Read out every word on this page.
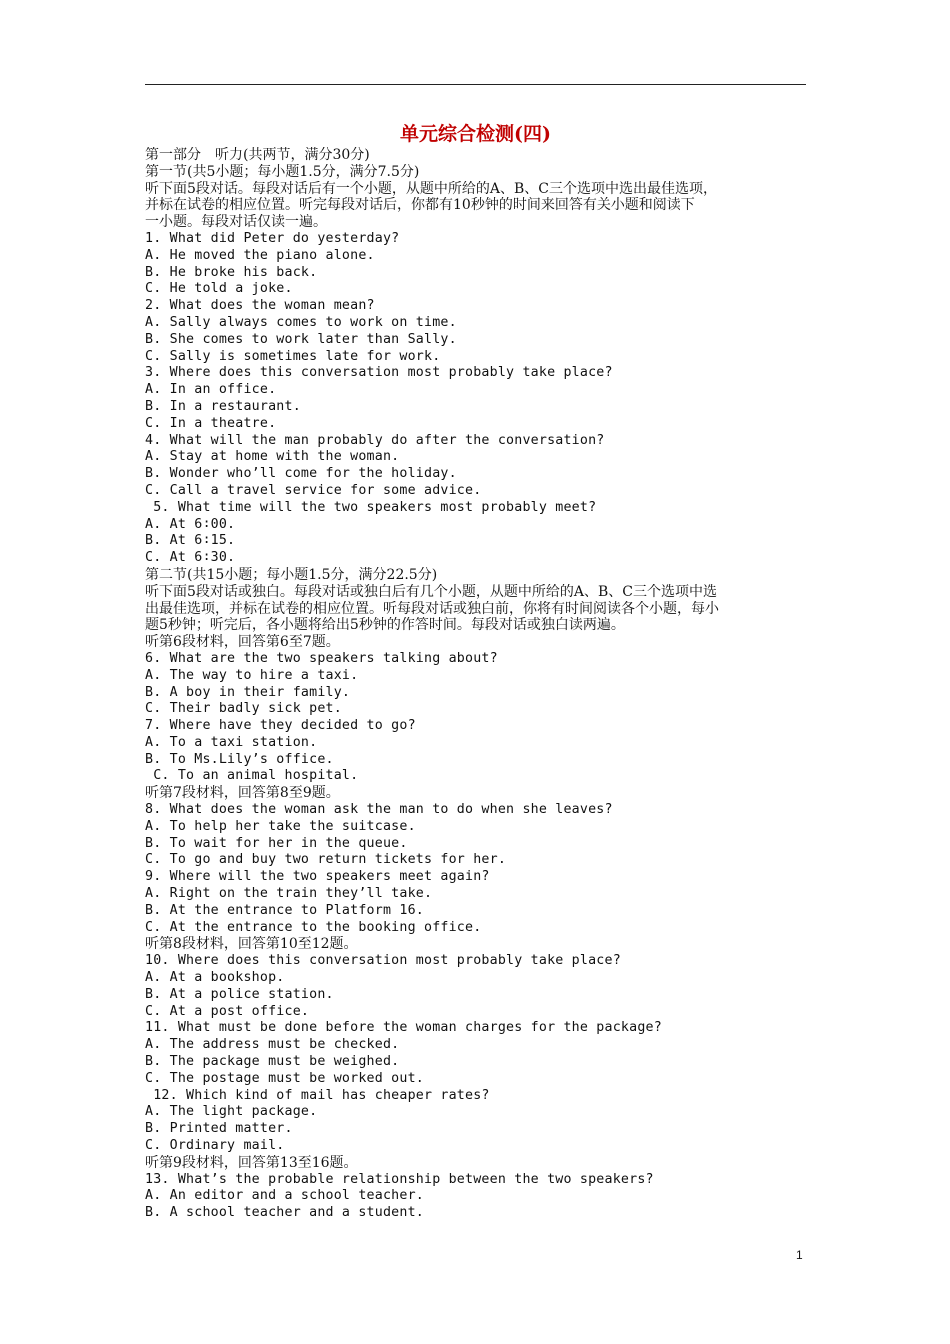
单元综合检测(四)
第一部分　听力(共两节，满分30分)
第一节(共5小题；每小题1.5分，满分7.5分)
听下面5段对话。每段对话后有一个小题，从题中所给的A、B、C三个选项中选出最佳选项，
并标在试卷的相应位置。听完每段对话后，你都有10秒钟的时间来回答有关小题和阅读下
一小题。每段对话仅读一遍。
1. What did Peter do yesterday?
A. He moved the piano alone.
B. He broke his back.
C. He told a joke.
2. What does the woman mean?
A. Sally always comes to work on time.
B. She comes to work later than Sally.
C. Sally is sometimes late for work.
3. Where does this conversation most probably take place?
A. In an office.
B. In a restaurant.
C. In a theatre.
4. What will the man probably do after the conversation?
A. Stay at home with the woman.
B. Wonder who’ll come for the holiday.
C. Call a travel service for some advice.
5. What time will the two speakers most probably meet?
A. At 6∶00.
B. At 6∶15.
C. At 6∶30.
第二节(共15小题；每小题1.5分，满分22.5分)
听下面5段对话或独白。每段对话或独白后有几个小题，从题中所给的A、B、C三个选项中选
出最佳选项，并标在试卷的相应位置。听每段对话或独白前，你将有时间阅读各个小题，每小
题5秒钟；听完后，各小题将给出5秒钟的作答时间。每段对话或独白读两遍。
听第6段材料，回答第6至7题。
6. What are the two speakers talking about?
A. The way to hire a taxi.
B. A boy in their family.
C. Their badly sick pet.
7. Where have they decided to go?
A. To a taxi station.
B. To Ms.Lily’s office.
C. To an animal hospital.
听第7段材料，回答第8至9题。
8. What does the woman ask the man to do when she leaves?
A. To help her take the suitcase.
B. To wait for her in the queue.
C. To go and buy two return tickets for her.
9. Where will the two speakers meet again?
A. Right on the train they’ll take.
B. At the entrance to Platform 16.
C. At the entrance to the booking office.
听第8段材料，回答第10至12题。
10. Where does this conversation most probably take place?
A. At a bookshop.
B. At a police station.
C. At a post office.
11. What must be done before the woman charges for the package?
A. The address must be checked.
B. The package must be weighed.
C. The postage must be worked out.
12. Which kind of mail has cheaper rates?
A. The light package.
B. Printed matter.
C. Ordinary mail.
听第9段材料，回答第13至16题。
13. What’s the probable relationship between the two speakers?
A. An editor and a school teacher.
B. A school teacher and a student.
1
